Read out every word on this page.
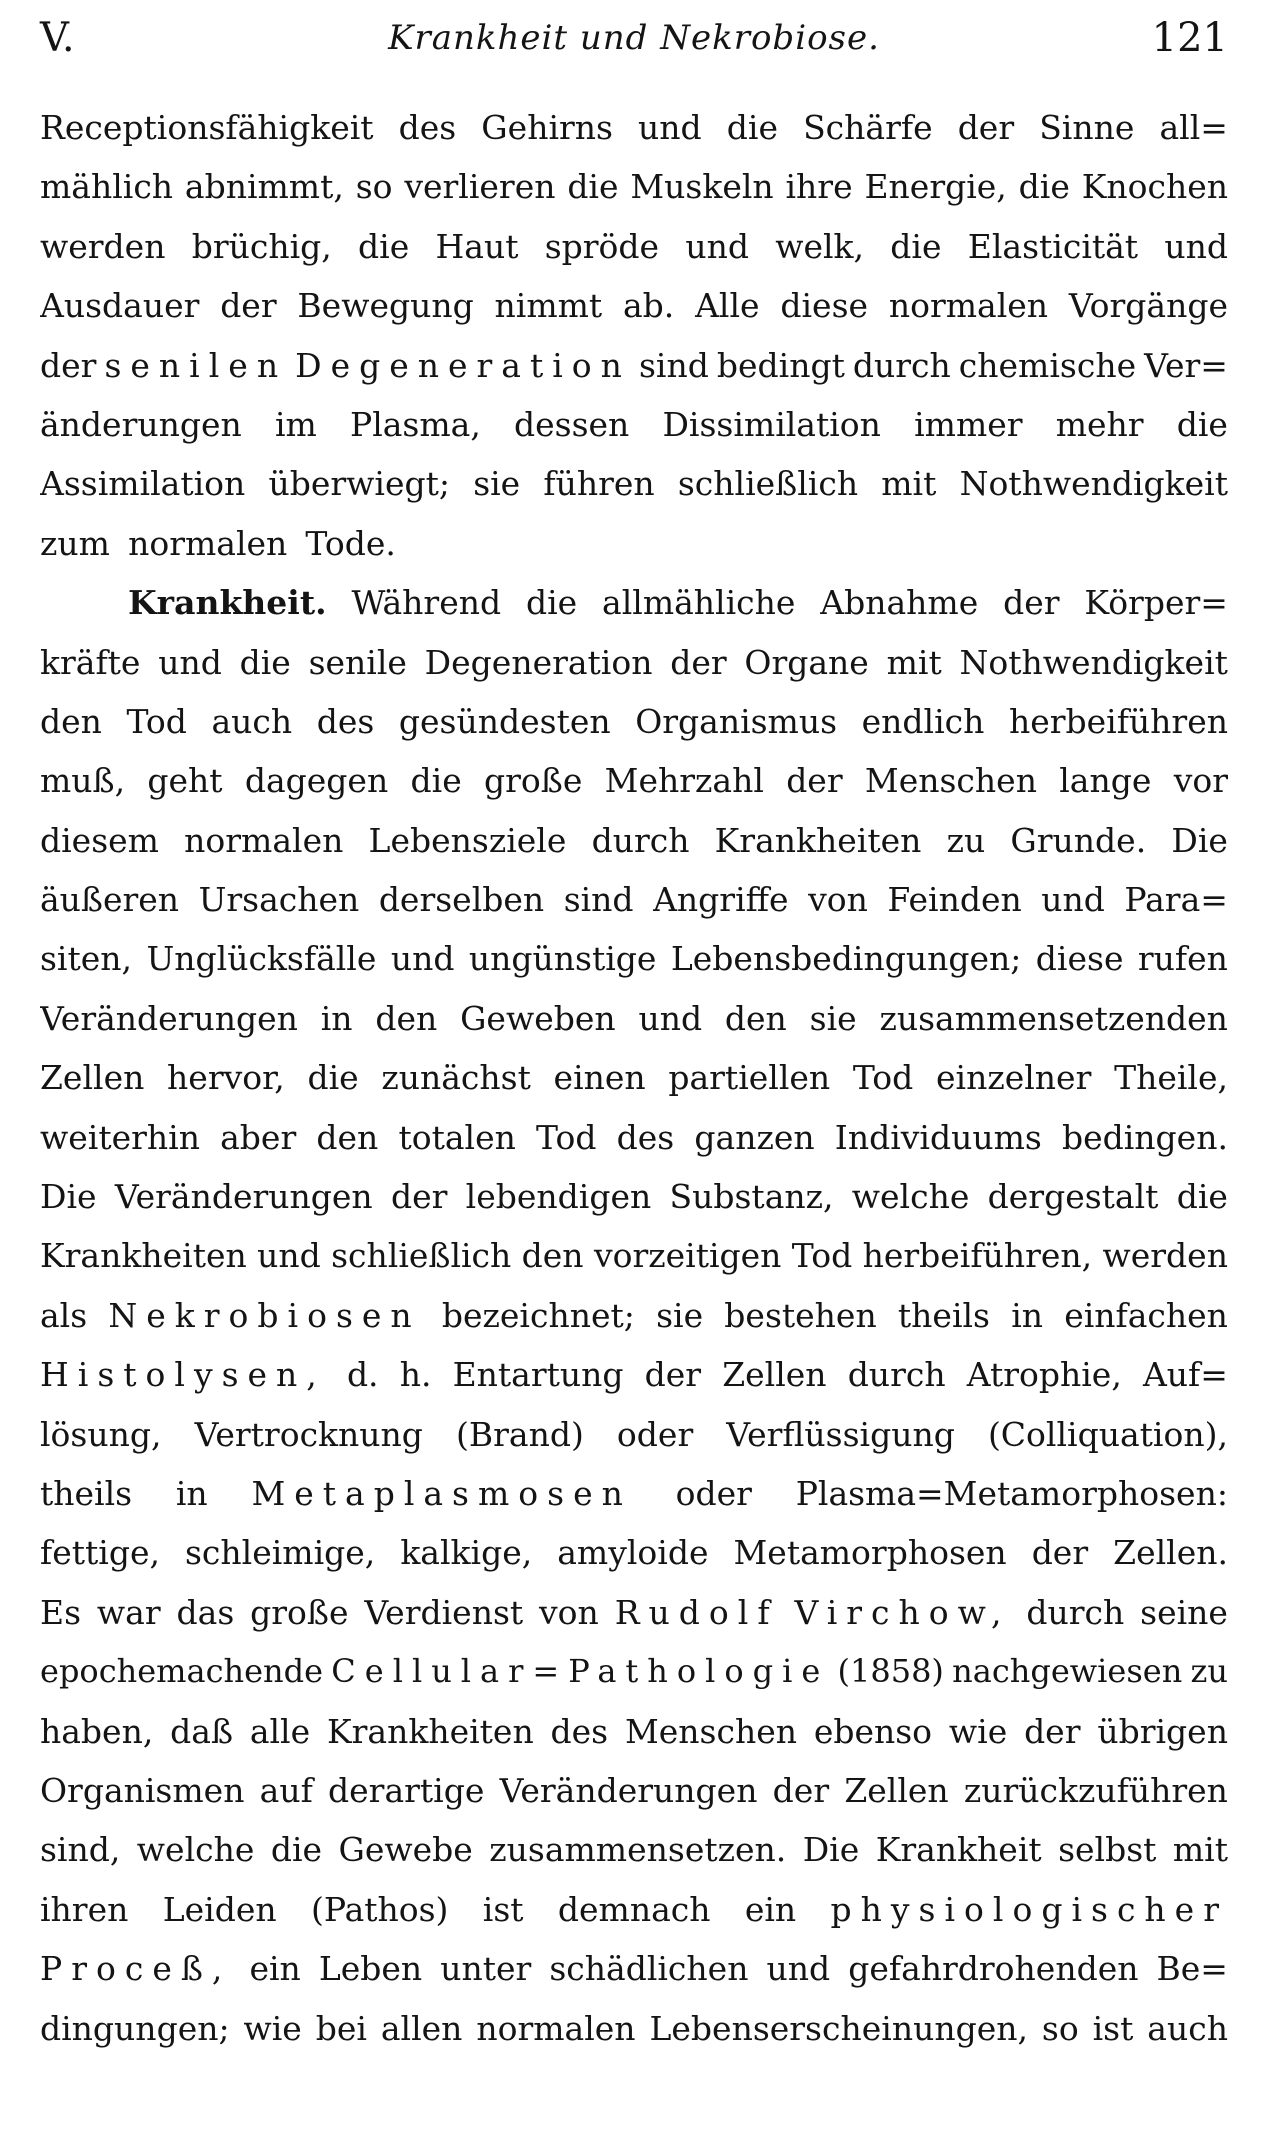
V.	Krankheit und Nekrobiose.	121
Receptionsfähigkeit des Gehirns und die Schärfe der Sinne all=
mählich abnimmt, so verlieren die Muskeln ihre Energie, die Knochen
werden brüchig, die Haut spröde und welk, die Elasticität und
Ausdauer der Bewegung nimmt ab. Alle diese normalen Vorgänge
der senilen Degeneration sind bedingt durch chemische Ver=
änderungen im Plasma, dessen Dissimilation immer mehr die
Assimilation überwiegt; sie führen schließlich mit Nothwendigkeit
zum normalen Tode.
Krankheit. Während die allmähliche Abnahme der Körper=
kräfte und die senile Degeneration der Organe mit Nothwendigkeit
den Tod auch des gesündesten Organismus endlich herbeiführen
muß, geht dagegen die große Mehrzahl der Menschen lange vor
diesem normalen Lebensziele durch Krankheiten zu Grunde. Die
äußeren Ursachen derselben sind Angriffe von Feinden und Para=
siten, Unglücksfälle und ungünstige Lebensbedingungen; diese rufen
Veränderungen in den Geweben und den sie zusammensetzenden
Zellen hervor, die zunächst einen partiellen Tod einzelner Theile,
weiterhin aber den totalen Tod des ganzen Individuums bedingen.
Die Veränderungen der lebendigen Substanz, welche dergestalt die
Krankheiten und schließlich den vorzeitigen Tod herbeiführen, werden
als Nekrobiosen bezeichnet; sie bestehen theils in einfachen
Histolysen, d. h. Entartung der Zellen durch Atrophie, Auf=
lösung, Vertrocknung (Brand) oder Verflüssigung (Colliquation),
theils in Metaplasmosen oder Plasma=Metamorphosen:
fettige, schleimige, kalkige, amyloide Metamorphosen der Zellen.
Es war das große Verdienst von Rudolf Virchow, durch seine
epochemachende Cellular=Pathologie (1858) nachgewiesen zu
haben, daß alle Krankheiten des Menschen ebenso wie der übrigen
Organismen auf derartige Veränderungen der Zellen zurückzuführen
sind, welche die Gewebe zusammensetzen. Die Krankheit selbst mit
ihren Leiden (Pathos) ist demnach ein physiologischer
Proceß, ein Leben unter schädlichen und gefahrdrohenden Be=
dingungen; wie bei allen normalen Lebenserscheinungen, so ist auch
